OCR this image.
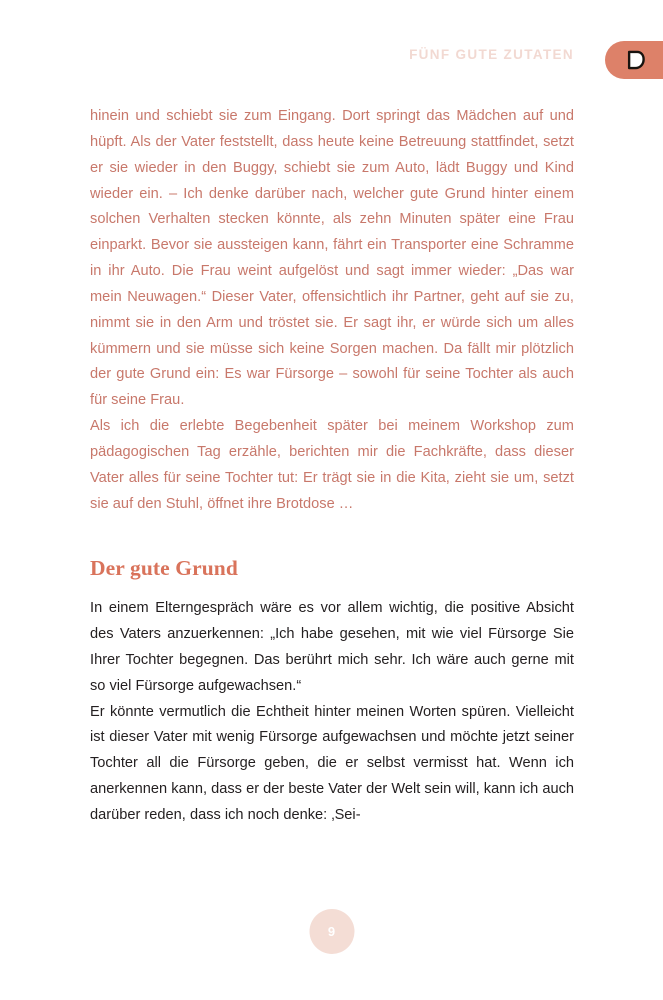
FÜNF GUTE ZUTATEN

hinein und schiebt sie zum Eingang. Dort springt das Mädchen auf und hüpft. Als der Vater feststellt, dass heute keine Betreuung stattfindet, setzt er sie wieder in den Buggy, schiebt sie zum Auto, lädt Buggy und Kind wieder ein. – Ich denke darüber nach, welcher gute Grund hinter einem solchen Verhalten stecken könnte, als zehn Minuten später eine Frau einparkt. Bevor sie aussteigen kann, fährt ein Transporter eine Schramme in ihr Auto. Die Frau weint aufgelöst und sagt immer wieder: „Das war mein Neuwagen.“ Dieser Vater, offensichtlich ihr Partner, geht auf sie zu, nimmt sie in den Arm und tröstet sie. Er sagt ihr, er würde sich um alles kümmern und sie müsse sich keine Sorgen machen. Da fällt mir plötzlich der gute Grund ein: Es war Fürsorge – sowohl für seine Tochter als auch für seine Frau.

Als ich die erlebte Begebenheit später bei meinem Workshop zum pädagogischen Tag erzähle, berichten mir die Fachkräfte, dass dieser Vater alles für seine Tochter tut: Er trägt sie in die Kita, zieht sie um, setzt sie auf den Stuhl, öffnet ihre Brotdose …

Der gute Grund

In einem Elterngespräch wäre es vor allem wichtig, die positive Absicht des Vaters anzuerkennen: „Ich habe gesehen, mit wie viel Fürsorge Sie Ihrer Tochter begegnen. Das berührt mich sehr. Ich wäre auch gerne mit so viel Fürsorge aufgewachsen.“

Er könnte vermutlich die Echtheit hinter meinen Worten spüren. Vielleicht ist dieser Vater mit wenig Fürsorge aufgewachsen und möchte jetzt seiner Tochter all die Fürsorge geben, die er selbst vermisst hat. Wenn ich anerkennen kann, dass er der beste Vater der Welt sein will, kann ich auch darüber reden, dass ich noch denke: ‚Sei-

9
